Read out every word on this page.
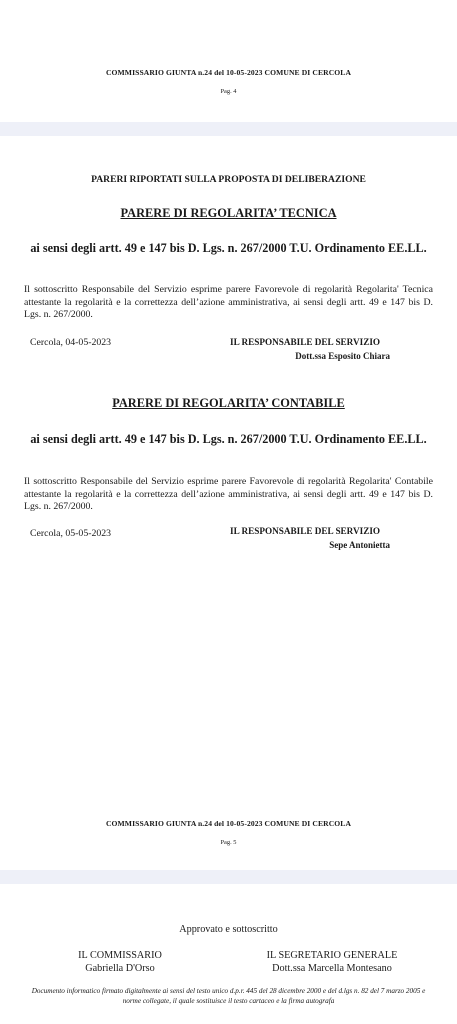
COMMISSARIO GIUNTA n.24 del 10-05-2023 COMUNE DI CERCOLA
Pag. 4
PARERI RIPORTATI SULLA PROPOSTA DI DELIBERAZIONE
PARERE DI REGOLARITA’ TECNICA
ai sensi degli artt. 49 e 147 bis D. Lgs. n. 267/2000 T.U. Ordinamento EE.LL.
Il sottoscritto Responsabile del Servizio esprime parere Favorevole di regolarità Regolarita' Tecnica attestante la regolarità e la correttezza dell’azione amministrativa, ai sensi degli artt. 49 e 147 bis D. Lgs. n. 267/2000.
Cercola, 04-05-2023	IL RESPONSABILE DEL SERVIZIO
Dott.ssa Esposito Chiara
PARERE DI REGOLARITA’ CONTABILE
ai sensi degli artt. 49 e 147 bis D. Lgs. n. 267/2000 T.U. Ordinamento EE.LL.
Il sottoscritto Responsabile del Servizio esprime parere Favorevole di regolarità Regolarita' Contabile attestante la regolarità e la correttezza dell’azione amministrativa, ai sensi degli artt. 49 e 147 bis D. Lgs. n. 267/2000.
Cercola, 05-05-2023	IL RESPONSABILE DEL SERVIZIO
Sepe Antonietta
COMMISSARIO GIUNTA n.24 del 10-05-2023 COMUNE DI CERCOLA
Pag. 5
Approvato e sottoscritto
IL COMMISSARIO
Gabriella D'Orso
IL SEGRETARIO GENERALE
Dott.ssa Marcella Montesano
Documento informatico firmato digitalmente ai sensi del testo unico d.p.r. 445 del 28 dicembre 2000 e del d.lgs n. 82 del 7 marzo 2005 e norme collegate, il quale sostituisce il testo cartaceo e la firma autografa
